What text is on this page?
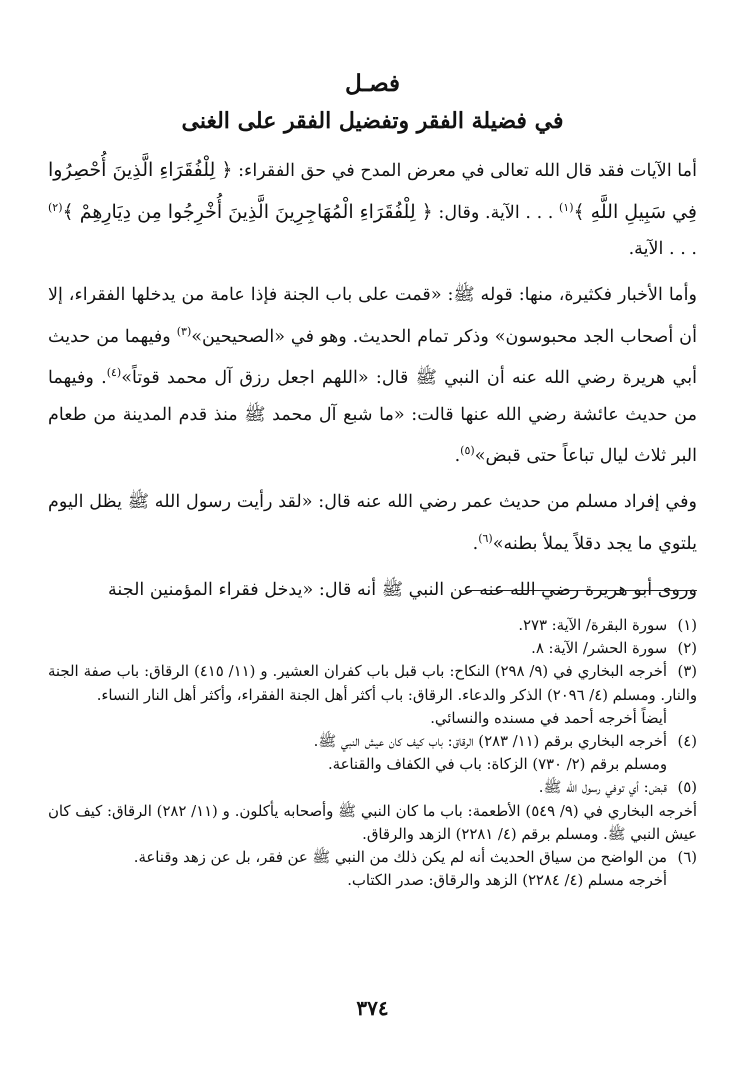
فصـل
في فضيلة الفقر وتفضيل الفقر على الغنى

أما الآيات فقد قال الله تعالى في معرض المدح في حق الفقراء: ﴿ لِلْفُقَرَاءِ الَّذِينَ أُحْصِرُوا فِي سَبِيلِ اللَّهِ ﴾$^{(١)}$ . . . الآية. وقال: ﴿ لِلْفُقَرَاءِ الْمُهَاجِرِينَ الَّذِينَ أُخْرِجُوا مِن دِيَارِهِمْ ﴾$^{(٢)}$ . . . الآية.

وأما الأخبار فكثيرة، منها: قوله ﷺ: «قمت على باب الجنة فإذا عامة من يدخلها الفقراء، إلا أن أصحاب الجد محبوسون» وذكر تمام الحديث. وهو في «الصحيحين»$^{(٣)}$ وفيهما من حديث أبي هريرة رضي الله عنه أن النبي ﷺ قال: «اللهم اجعل رزق آل محمد قوتاً»$^{(٤)}$. وفيهما من حديث عائشة رضي الله عنها قالت: «ما شبع آل محمد ﷺ منذ قدم المدينة من طعام البر ثلاث ليال تباعاً حتى قبض»$^{(٥)}$.

وفي إفراد مسلم من حديث عمر رضي الله عنه قال: «لقد رأيت رسول الله ﷺ يظل اليوم يلتوي ما يجد دقلاً يملأ بطنه»$^{(٦)}$.

وروى أبو هريرة رضي الله عنه عن النبي ﷺ أنه قال: «يدخل فقراء المؤمنين الجنة

(١)سورة البقرة/ الآية: ٢٧٣.
(٢)سورة الحشر/ الآية: ٨.
(٣)أخرجه البخاري في (٩/ ٢٩٨) النكاح: باب قبل باب كفران العشير. و (١١/ ٤١٥) الرقاق: باب صفة الجنة والنار. ومسلم (٤/ ٢٠٩٦) الذكر والدعاء. الرقاق: باب أكثر أهل الجنة الفقراء، وأكثر أهل النار النساء.
أيضاً أخرجه أحمد في مسنده والنسائي.
(٤)أخرجه البخاري برقم (١١/ ٢٨٣) الرقاق: باب كيف كان عيش النبي ﷺ.
ومسلم برقم (٢/ ٧٣٠) الزكاة: باب في الكفاف والقناعة.
(٥)قبض: أي توفي رسول الله ﷺ.
أخرجه البخاري في (٩/ ٥٤٩) الأطعمة: باب ما كان النبي ﷺ وأصحابه يأكلون. و (١١/ ٢٨٢) الرقاق: كيف كان عيش النبي ﷺ. ومسلم برقم (٤/ ٢٢٨١) الزهد والرقاق.
(٦)من الواضح من سياق الحديث أنه لم يكن ذلك من النبي ﷺ عن فقر، بل عن زهد وقناعة.
أخرجه مسلم (٤/ ٢٢٨٤) الزهد والرقاق: صدر الكتاب.
٣٧٤
